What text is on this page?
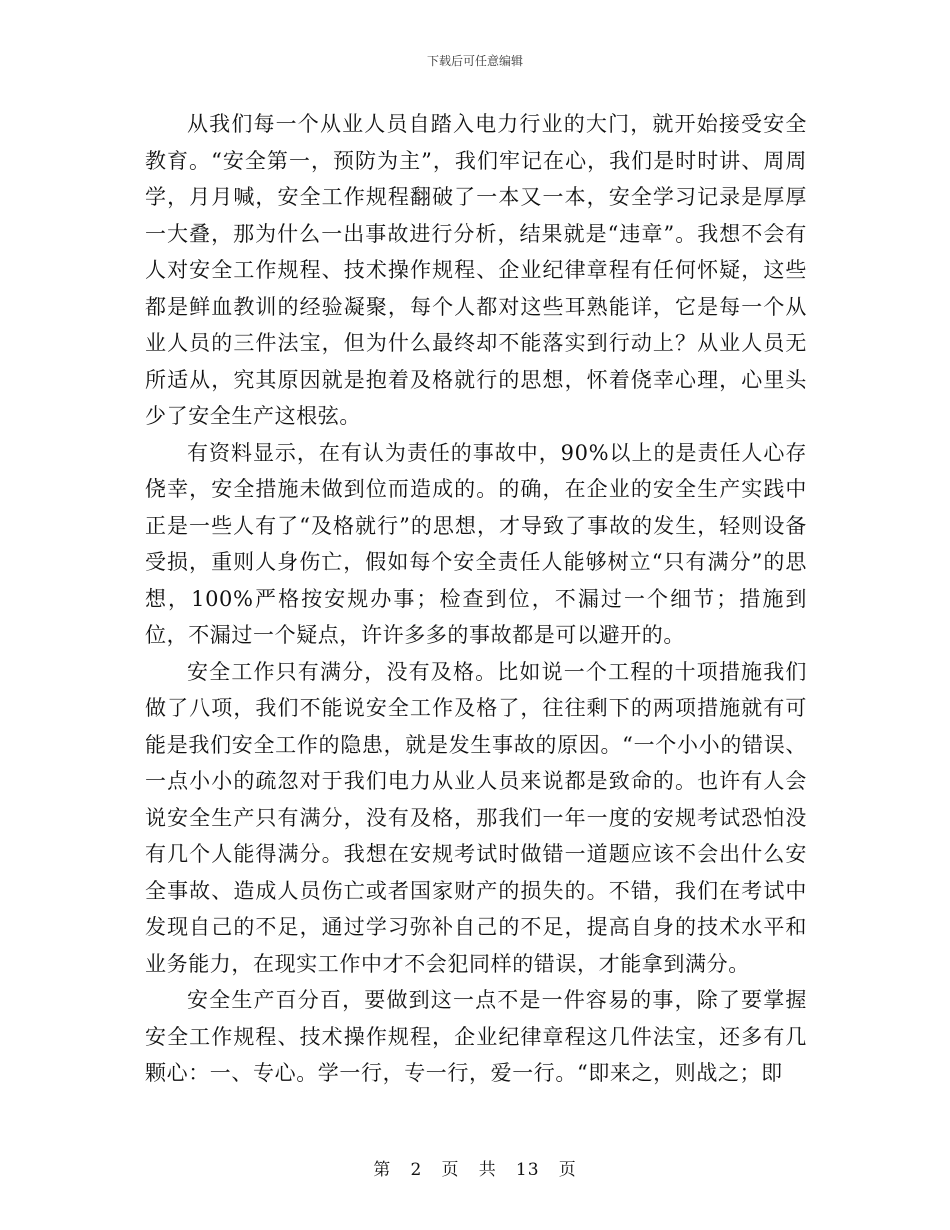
下载后可任意编辑

从我们每一个从业人员自踏入电力行业的大门，就开始接受安全教育。“安全第一，预防为主”，我们牢记在心，我们是时时讲、周周学，月月喊，安全工作规程翻破了一本又一本，安全学习记录是厚厚一大叠，那为什么一出事故进行分析，结果就是“违章”。我想不会有人对安全工作规程、技术操作规程、企业纪律章程有任何怀疑，这些都是鲜血教训的经验凝聚，每个人都对这些耳熟能详，它是每一个从业人员的三件法宝，但为什么最终却不能落实到行动上？从业人员无所适从，究其原因就是抱着及格就行的思想，怀着侥幸心理，心里头少了安全生产这根弦。

有资料显示，在有认为责任的事故中，90%以上的是责任人心存侥幸，安全措施未做到位而造成的。的确，在企业的安全生产实践中正是一些人有了“及格就行”的思想，才导致了事故的发生，轻则设备受损，重则人身伤亡，假如每个安全责任人能够树立“只有满分”的思想，100%严格按安规办事；检查到位，不漏过一个细节；措施到位，不漏过一个疑点，许许多多的事故都是可以避开的。

安全工作只有满分，没有及格。比如说一个工程的十项措施我们做了八项，我们不能说安全工作及格了，往往剩下的两项措施就有可能是我们安全工作的隐患，就是发生事故的原因。“一个小小的错误、一点小小的疏忽对于我们电力从业人员来说都是致命的。也许有人会说安全生产只有满分，没有及格，那我们一年一度的安规考试恐怕没有几个人能得满分。我想在安规考试时做错一道题应该不会出什么安全事故、造成人员伤亡或者国家财产的损失的。不错，我们在考试中发现自己的不足，通过学习弥补自己的不足，提高自身的技术水平和业务能力，在现实工作中才不会犯同样的错误，才能拿到满分。

安全生产百分百，要做到这一点不是一件容易的事，除了要掌握安全工作规程、技术操作规程，企业纪律章程这几件法宝，还多有几颗心：一、专心。学一行，专一行，爱一行。“即来之，则战之；即

第 2 页 共 13 页
